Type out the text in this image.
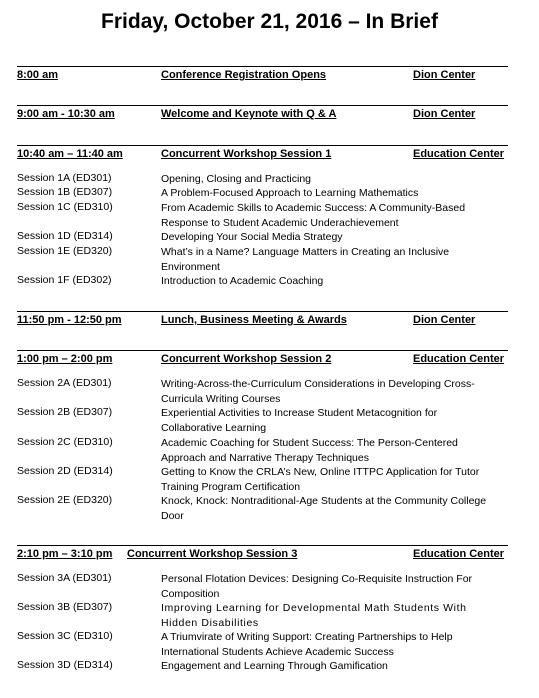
Friday, October 21, 2016 – In Brief
8:00 am	Conference Registration Opens	Dion Center
9:00 am - 10:30 am	Welcome and Keynote with Q & A	Dion Center
10:40 am – 11:40 am	Concurrent Workshop Session 1	Education Center
Session 1A (ED301)	Opening, Closing and Practicing
Session 1B (ED307)	A Problem-Focused Approach to Learning Mathematics
Session 1C (ED310)	From Academic Skills to Academic Success: A Community-Based Response to Student Academic Underachievement
Session 1D (ED314)	Developing Your Social Media Strategy
Session 1E (ED320)	What’s in a Name? Language Matters in Creating an Inclusive Environment
Session 1F (ED302)	Introduction to Academic Coaching
11:50 pm - 12:50 pm	Lunch, Business Meeting & Awards	Dion Center
1:00 pm – 2:00 pm	Concurrent Workshop Session 2	Education Center
Session 2A (ED301)	Writing-Across-the-Curriculum Considerations in Developing Cross-Curricula Writing Courses
Session 2B (ED307)	Experiential Activities to Increase Student Metacognition for Collaborative Learning
Session 2C (ED310)	Academic Coaching for Student Success: The Person-Centered Approach and Narrative Therapy Techniques
Session 2D (ED314)	Getting to Know the CRLA’s New, Online ITTPC Application for Tutor Training Program Certification
Session 2E (ED320)	Knock, Knock: Nontraditional-Age Students at the Community College Door
2:10 pm – 3:10 pm Concurrent Workshop Session 3	Education Center
Session 3A (ED301)	Personal Flotation Devices: Designing Co-Requisite Instruction For Composition
Session 3B (ED307)	Improving Learning for Developmental Math Students With Hidden Disabilities
Session 3C (ED310)	A Triumvirate of Writing Support: Creating Partnerships to Help International Students Achieve Academic Success
Session 3D (ED314)	Engagement and Learning Through Gamification
